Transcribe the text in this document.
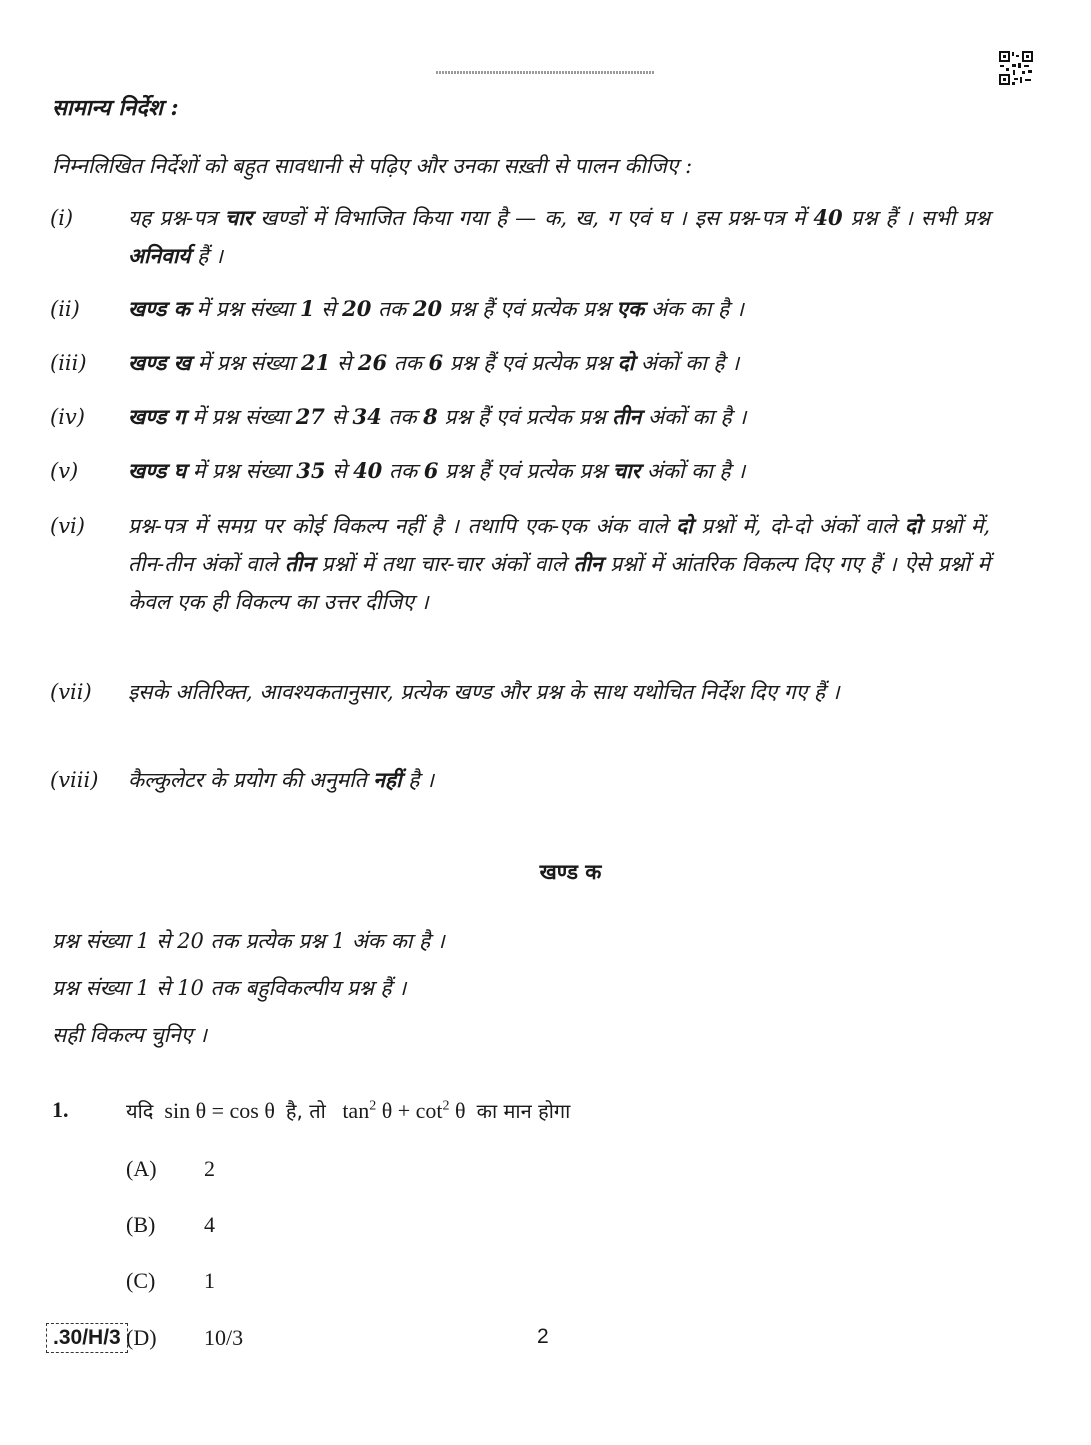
सामान्य निर्देश :
निम्नलिखित निर्देशों को बहुत सावधानी से पढ़िए और उनका सख़्ती से पालन कीजिए :
(i)	यह प्रश्न-पत्र चार खण्डों में विभाजित किया गया है — क, ख, ग एवं घ । इस प्रश्न-पत्र में 40 प्रश्न हैं । सभी प्रश्न अनिवार्य हैं ।
(ii) खण्ड क में प्रश्न संख्या 1 से 20 तक 20 प्रश्न हैं एवं प्रत्येक प्रश्न एक अंक का है ।
(iii) खण्ड ख में प्रश्न संख्या 21 से 26 तक 6 प्रश्न हैं एवं प्रत्येक प्रश्न दो अंकों का है ।
(iv) खण्ड ग में प्रश्न संख्या 27 से 34 तक 8 प्रश्न हैं एवं प्रत्येक प्रश्न तीन अंकों का है ।
(v) खण्ड घ में प्रश्न संख्या 35 से 40 तक 6 प्रश्न हैं एवं प्रत्येक प्रश्न चार अंकों का है ।
(vi) प्रश्न-पत्र में समग्र पर कोई विकल्प नहीं है । तथापि एक-एक अंक वाले दो प्रश्नों में, दो-दो अंकों वाले दो प्रश्नों में, तीन-तीन अंकों वाले तीन प्रश्नों में तथा चार-चार अंकों वाले तीन प्रश्नों में आंतरिक विकल्प दिए गए हैं । ऐसे प्रश्नों में केवल एक ही विकल्प का उत्तर दीजिए ।
(vii) इसके अतिरिक्त, आवश्यकतानुसार, प्रत्येक खण्ड और प्रश्न के साथ यथोचित निर्देश दिए गए हैं ।
(viii) कैल्कुलेटर के प्रयोग की अनुमति नहीं है ।
खण्ड क
प्रश्न संख्या 1 से 20 तक प्रत्येक प्रश्न 1 अंक का है ।
प्रश्न संख्या 1 से 10 तक बहुविकल्पीय प्रश्न हैं ।
सही विकल्प चुनिए ।
1.	यदि sin θ = cos θ है, तो $\tan^2 \theta + \cot^2 \theta$ का मान होगा
(A) 2
(B) 4
(C) 1
(D) 10/3
.30/H/3	2
